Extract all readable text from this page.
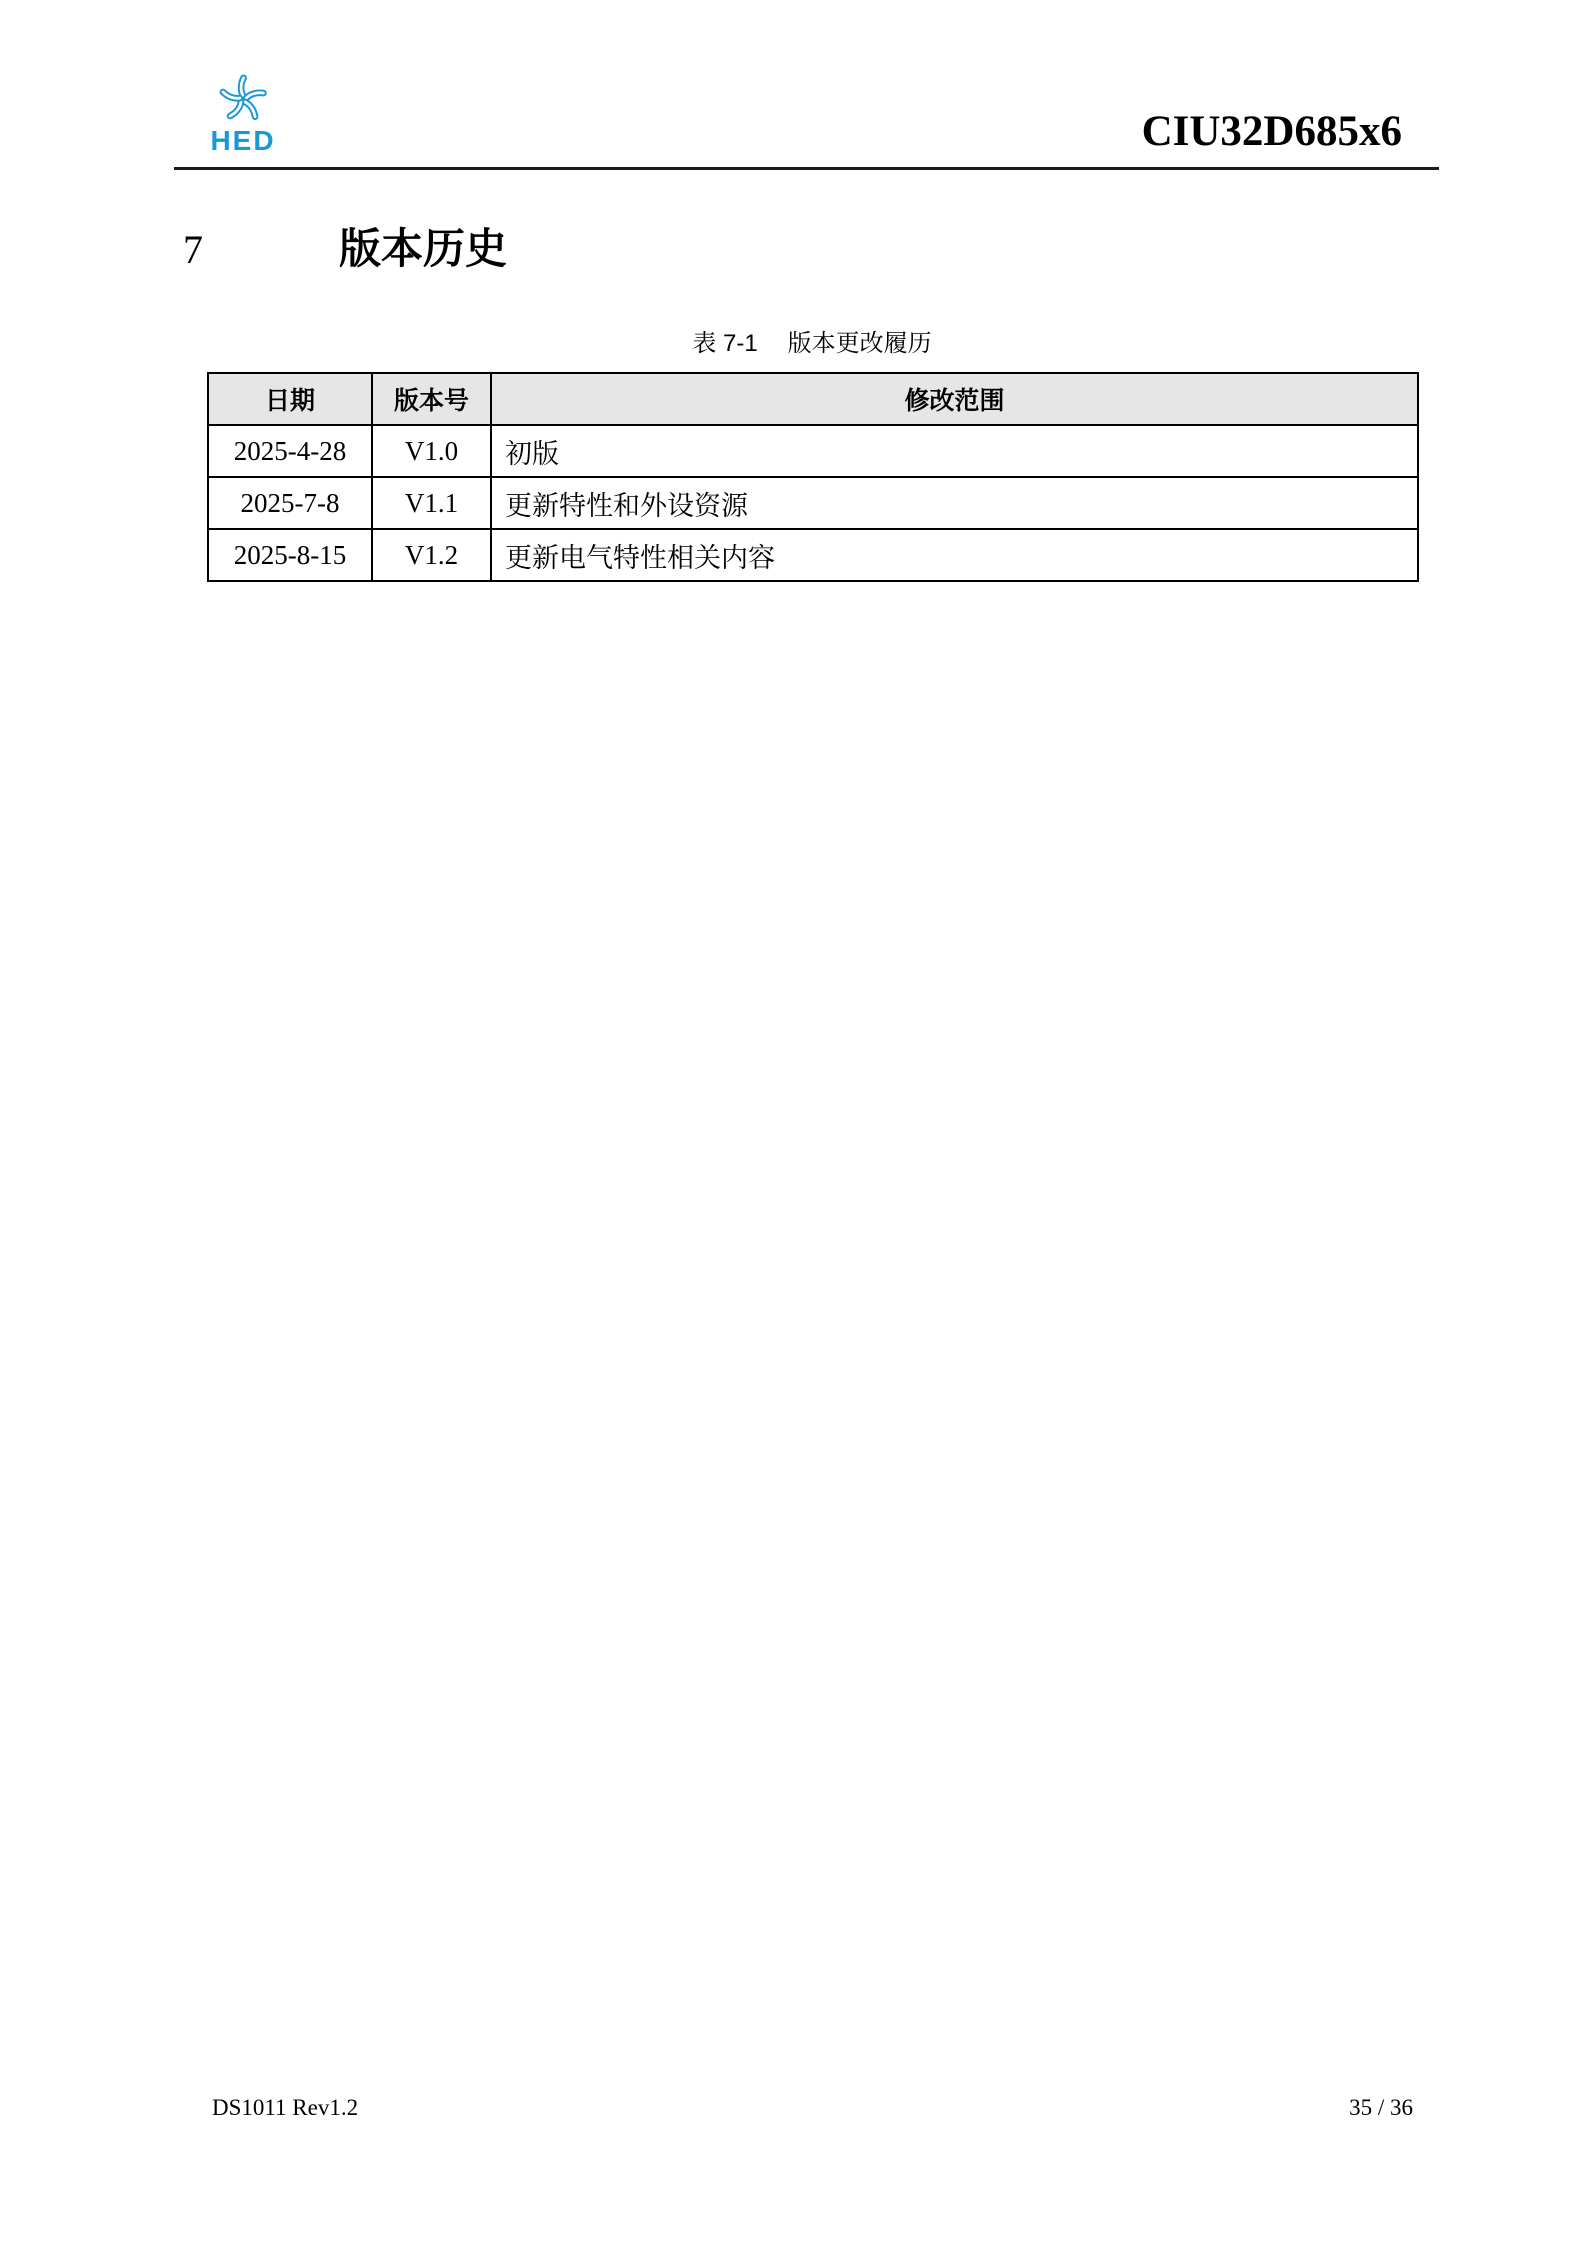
HED	CIU32D685x6
7	版本历史
表 7-1 版本更改履历
日期	版本号	修改范围
2025-4-28	V1.0	初版
2025-7-8	V1.1	更新特性和外设资源
2025-8-15	V1.2	更新电气特性相关内容
DS1011 Rev1.2	35 / 36
